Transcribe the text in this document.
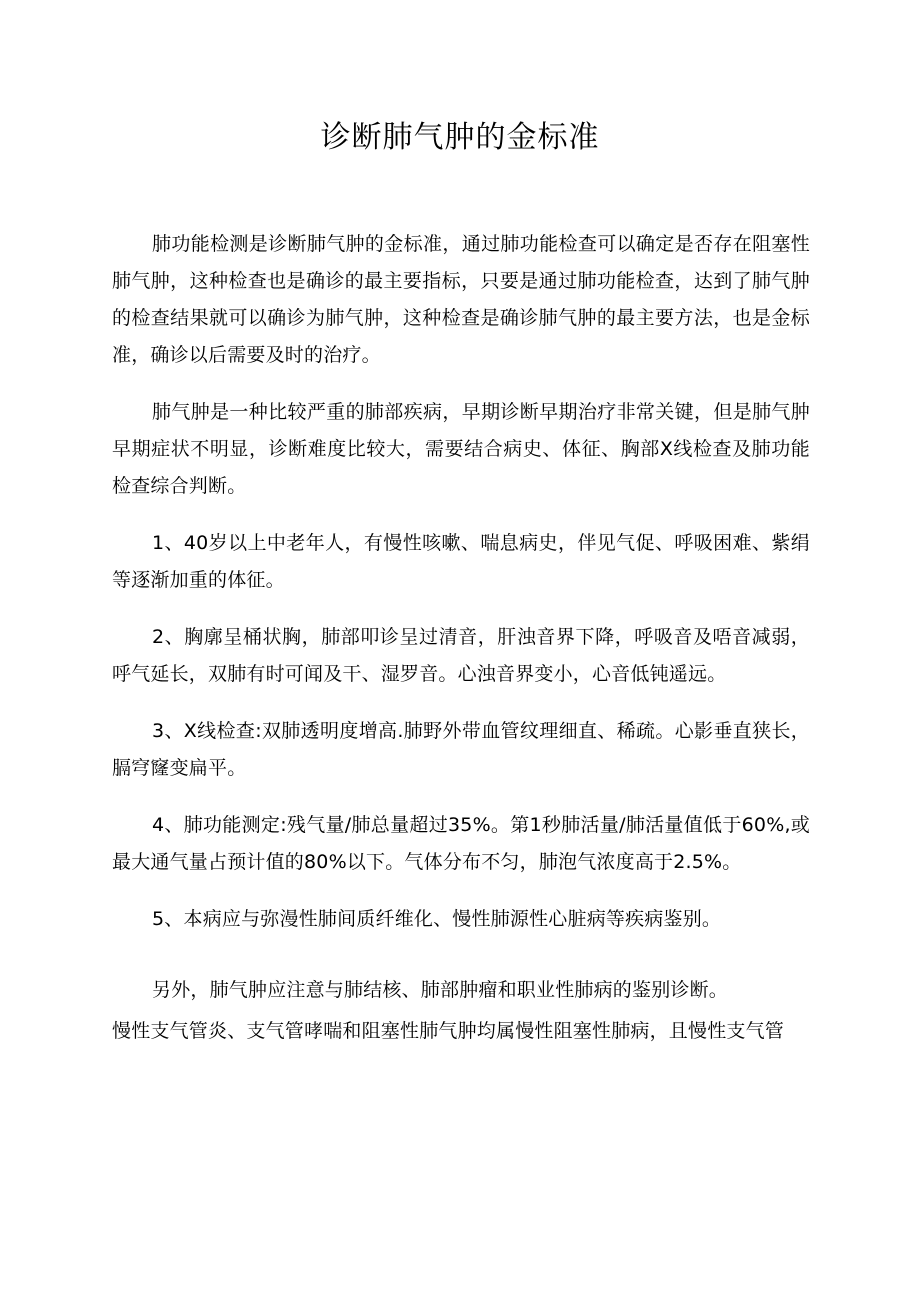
诊断肺气肿的金标准

肺功能检测是诊断肺气肿的金标准，通过肺功能检查可以确定是否存在阻塞性肺气肿，这种检查也是确诊的最主要指标，只要是通过肺功能检查，达到了肺气肿的检查结果就可以确诊为肺气肿，这种检查是确诊肺气肿的最主要方法，也是金标准，确诊以后需要及时的治疗。

肺气肿是一种比较严重的肺部疾病，早期诊断早期治疗非常关键，但是肺气肿早期症状不明显，诊断难度比较大，需要结合病史、体征、胸部X线检查及肺功能检查综合判断。

1、40岁以上中老年人，有慢性咳嗽、喘息病史，伴见气促、呼吸困难、紫绢等逐渐加重的体征。

2、胸廓呈桶状胸，肺部叩诊呈过清音，肝浊音界下降，呼吸音及唔音减弱，呼气延长，双肺有时可闻及干、湿罗音。心浊音界变小，心音低钝遥远。

3、X线检查:双肺透明度增高.肺野外带血管纹理细直、稀疏。心影垂直狭长，膈穹窿变扁平。

4、肺功能测定:残气量/肺总量超过35%。第1秒肺活量/肺活量值低于60%,或最大通气量占预计值的80%以下。气体分布不匀，肺泡气浓度高于2.5%。

5、本病应与弥漫性肺间质纤维化、慢性肺源性心脏病等疾病鉴别。

另外，肺气肿应注意与肺结核、肺部肿瘤和职业性肺病的鉴别诊断。

慢性支气管炎、支气管哮喘和阻塞性肺气肿均属慢性阻塞性肺病，且慢性支气管
